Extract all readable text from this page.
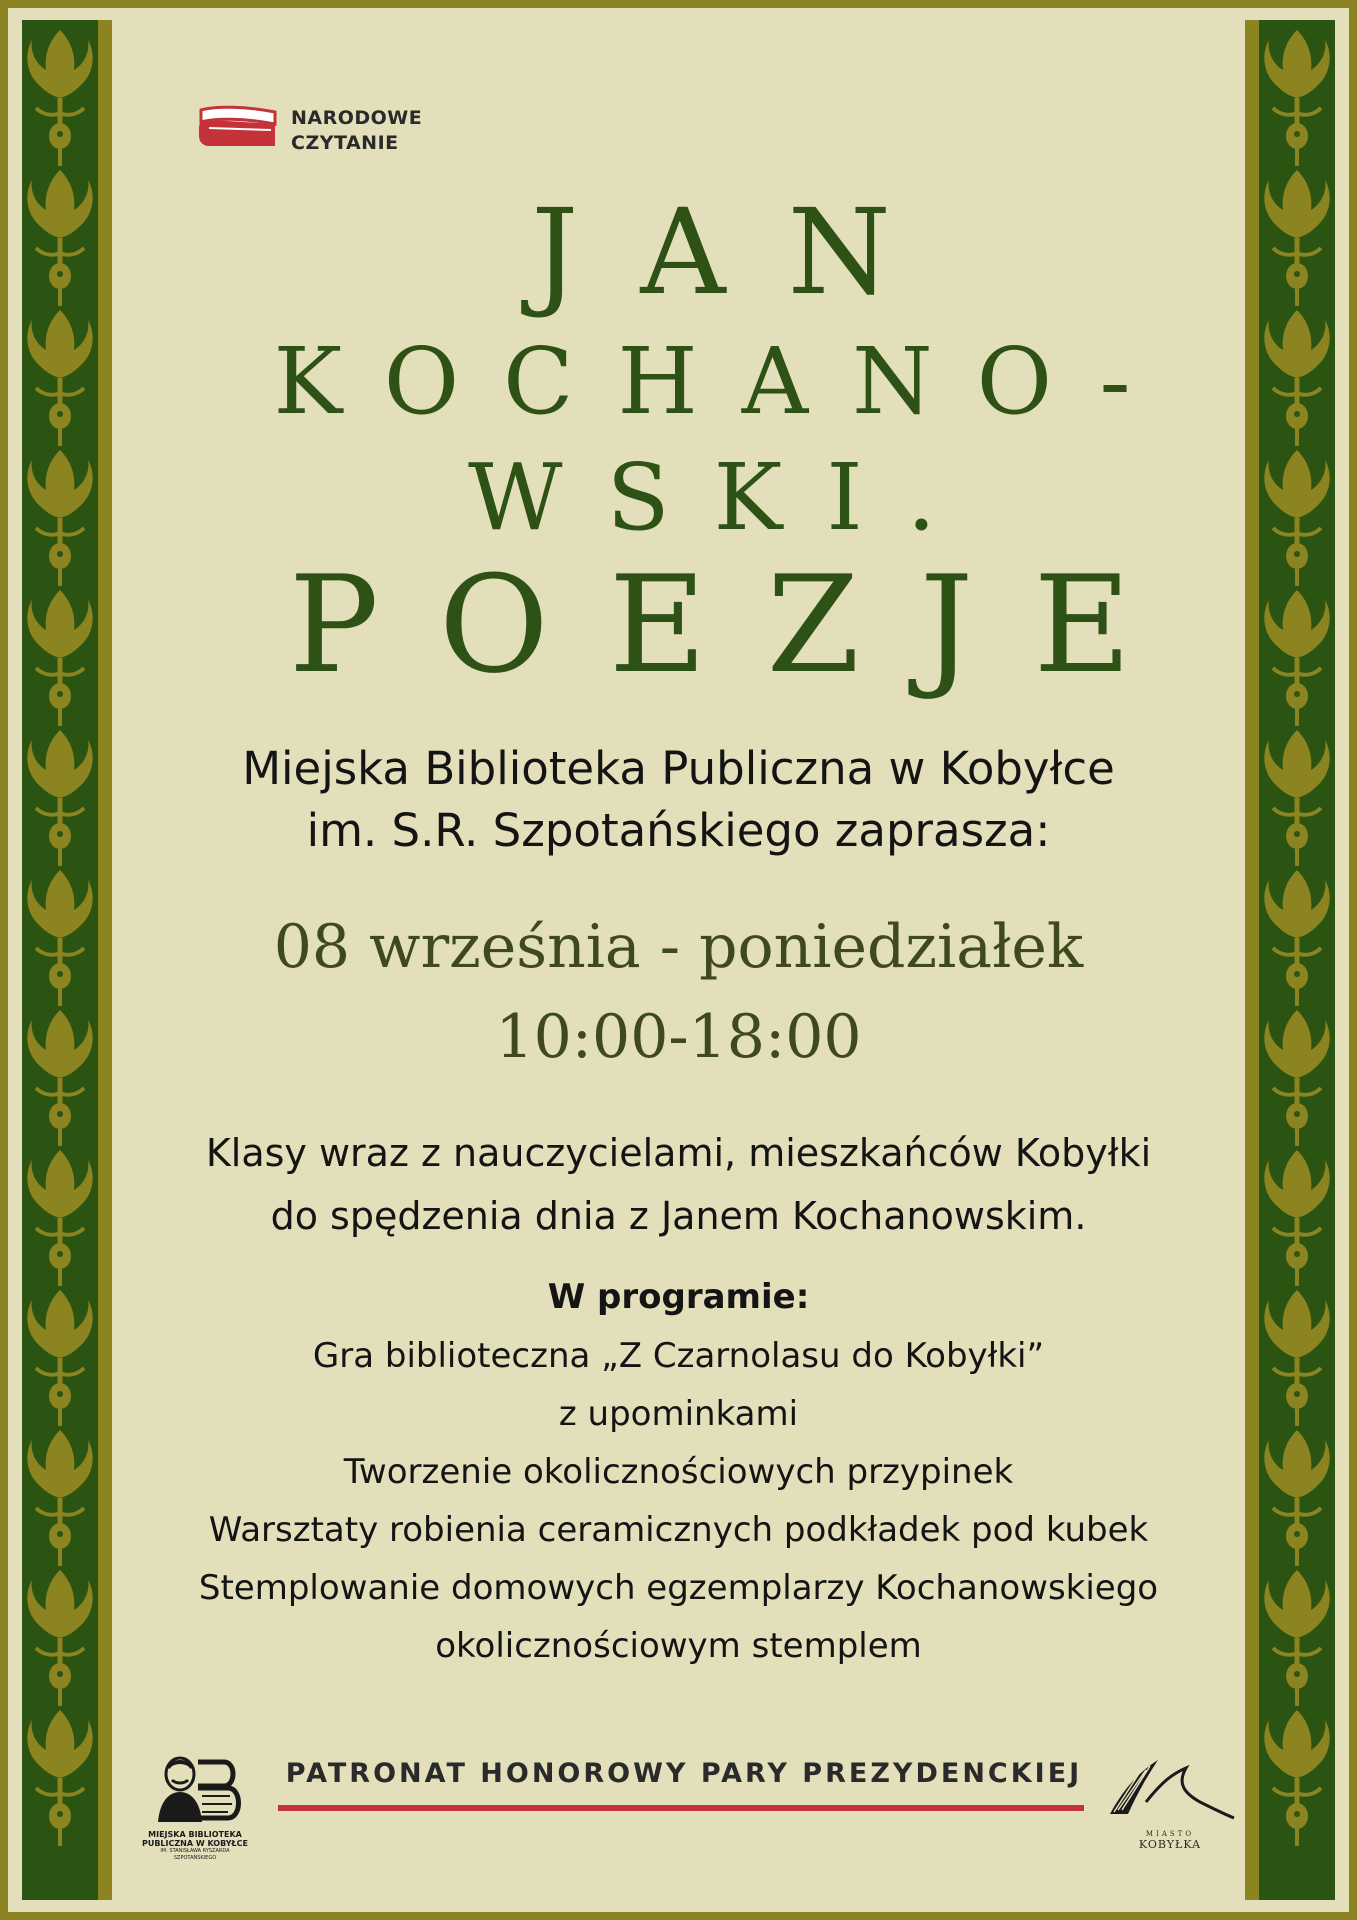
NARODOWE
CZYTANIE
JAN
KOCHANO-
WSKI.
POEZJE
Miejska Biblioteka Publiczna w Kobyłce
im. S.R. Szpotańskiego zaprasza:
08 września - poniedziałek
10:00-18:00
Klasy wraz z nauczycielami, mieszkańców Kobyłki
do spędzenia dnia z Janem Kochanowskim.
W programie:
Gra biblioteczna „Z Czarnolasu do Kobyłki”
z upominkami
Tworzenie okolicznościowych przypinek
Warsztaty robienia ceramicznych podkładek pod kubek
Stemplowanie domowych egzemplarzy Kochanowskiego
okolicznościowym stemplem
MIEJSKA BIBLIOTEKA
PUBLICZNA W KOBYŁCE
IM. STANISŁAWA RYSZARDA SZPOTAŃSKIEGO
PATRONAT HONOROWY PARY PREZYDENCKIEJ
MIASTO
KOBYŁKA
